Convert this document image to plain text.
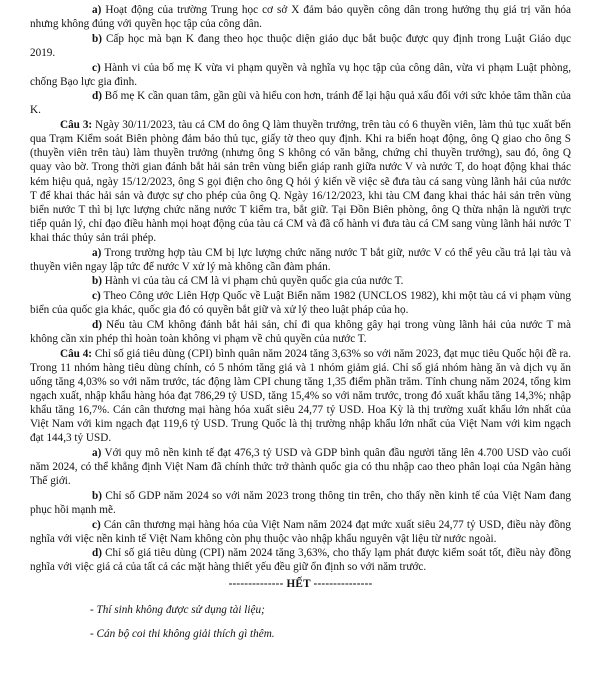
a) Hoạt động của trường Trung học cơ sở X đảm bảo quyền công dân trong hưởng thụ giá trị văn hóa nhưng không đúng với quyền học tập của công dân.

b) Cấp học mà bạn K đang theo học thuộc diện giáo dục bắt buộc được quy định trong Luật Giáo dục 2019.

c) Hành vi của bố mẹ K vừa vi phạm quyền và nghĩa vụ học tập của công dân, vừa vi phạm Luật phòng, chống Bạo lực gia đình.

d) Bố mẹ K cần quan tâm, gần gũi và hiểu con hơn, tránh để lại hậu quả xấu đối với sức khỏe tâm thần của K.

Câu 3: Ngày 30/11/2023, tàu cá CM do ông Q làm thuyền trưởng, trên tàu có 6 thuyền viên, làm thủ tục xuất bến qua Trạm Kiểm soát Biên phòng đảm bảo thủ tục, giấy tờ theo quy định. Khi ra biển hoạt động, ông Q giao cho ông S (thuyền viên trên tàu) làm thuyền trưởng (nhưng ông S không có văn bằng, chứng chỉ thuyền trưởng), sau đó, ông Q quay vào bờ. Trong thời gian đánh bắt hải sản trên vùng biển giáp ranh giữa nước V và nước T, do hoạt động khai thác kém hiệu quả, ngày 15/12/2023, ông S gọi điện cho ông Q hỏi ý kiến về việc sẽ đưa tàu cá sang vùng lãnh hải của nước T để khai thác hải sản và được sự cho phép của ông Q. Ngày 16/12/2023, khi tàu CM đang khai thác hải sản trên vùng biển nước T thì bị lực lượng chức năng nước T kiểm tra, bắt giữ. Tại Đồn Biên phòng, ông Q thừa nhận là người trực tiếp quản lý, chỉ đạo điều hành mọi hoạt động của tàu cá CM và đã cố hành vi đưa tàu cá CM sang vùng lãnh hải nước T khai thác thủy sản trái phép.

a) Trong trường hợp tàu CM bị lực lượng chức năng nước T bắt giữ, nước V có thể yêu cầu trả lại tàu và thuyền viên ngay lập tức để nước V xử lý mà không cần đàm phán.

b) Hành vi của tàu cá CM là vi phạm chủ quyền quốc gia của nước T.

c) Theo Công ước Liên Hợp Quốc về Luật Biển năm 1982 (UNCLOS 1982), khi một tàu cá vi phạm vùng biển của quốc gia khác, quốc gia đó có quyền bắt giữ và xử lý theo luật pháp của họ.

d) Nếu tàu CM không đánh bắt hải sản, chỉ đi qua không gây hại trong vùng lãnh hải của nước T mà không cần xin phép thì hoàn toàn không vi phạm về chủ quyền của nước T.

Câu 4: Chỉ số giá tiêu dùng (CPI) bình quân năm 2024 tăng 3,63% so với năm 2023, đạt mục tiêu Quốc hội đề ra. Trong 11 nhóm hàng tiêu dùng chính, có 5 nhóm tăng giá và 1 nhóm giảm giá. Chỉ số giá nhóm hàng ăn và dịch vụ ăn uống tăng 4,03% so với năm trước, tác động làm CPI chung tăng 1,35 điểm phần trăm. Tính chung năm 2024, tổng kim ngạch xuất, nhập khẩu hàng hóa đạt 786,29 tỷ USD, tăng 15,4% so với năm trước, trong đó xuất khẩu tăng 14,3%; nhập khẩu tăng 16,7%. Cán cân thương mại hàng hóa xuất siêu 24,77 tỷ USD. Hoa Kỳ là thị trường xuất khẩu lớn nhất của Việt Nam với kim ngạch đạt 119,6 tỷ USD. Trung Quốc là thị trường nhập khẩu lớn nhất của Việt Nam với kim ngạch đạt 144,3 tỷ USD.

a) Với quy mô nền kinh tế đạt 476,3 tỷ USD và GDP bình quân đầu người tăng lên 4.700 USD vào cuối năm 2024, có thể khẳng định Việt Nam đã chính thức trở thành quốc gia có thu nhập cao theo phân loại của Ngân hàng Thế giới.

b) Chỉ số GDP năm 2024 so với năm 2023 trong thông tin trên, cho thấy nền kinh tế của Việt Nam đang phục hồi mạnh mẽ.

c) Cán cân thương mại hàng hóa của Việt Nam năm 2024 đạt mức xuất siêu 24,77 tỷ USD, điều này đồng nghĩa với việc nền kinh tế Việt Nam không còn phụ thuộc vào nhập khẩu nguyên vật liệu từ nước ngoài.

d) Chỉ số giá tiêu dùng (CPI) năm 2024 tăng 3,63%, cho thấy lạm phát được kiểm soát tốt, điều này đồng nghĩa với việc giá cả của tất cả các mặt hàng thiết yếu đều giữ ổn định so với năm trước.

-------------- HẾT ---------------

- Thí sinh không được sử dụng tài liệu;

- Cán bộ coi thi không giải thích gì thêm.
